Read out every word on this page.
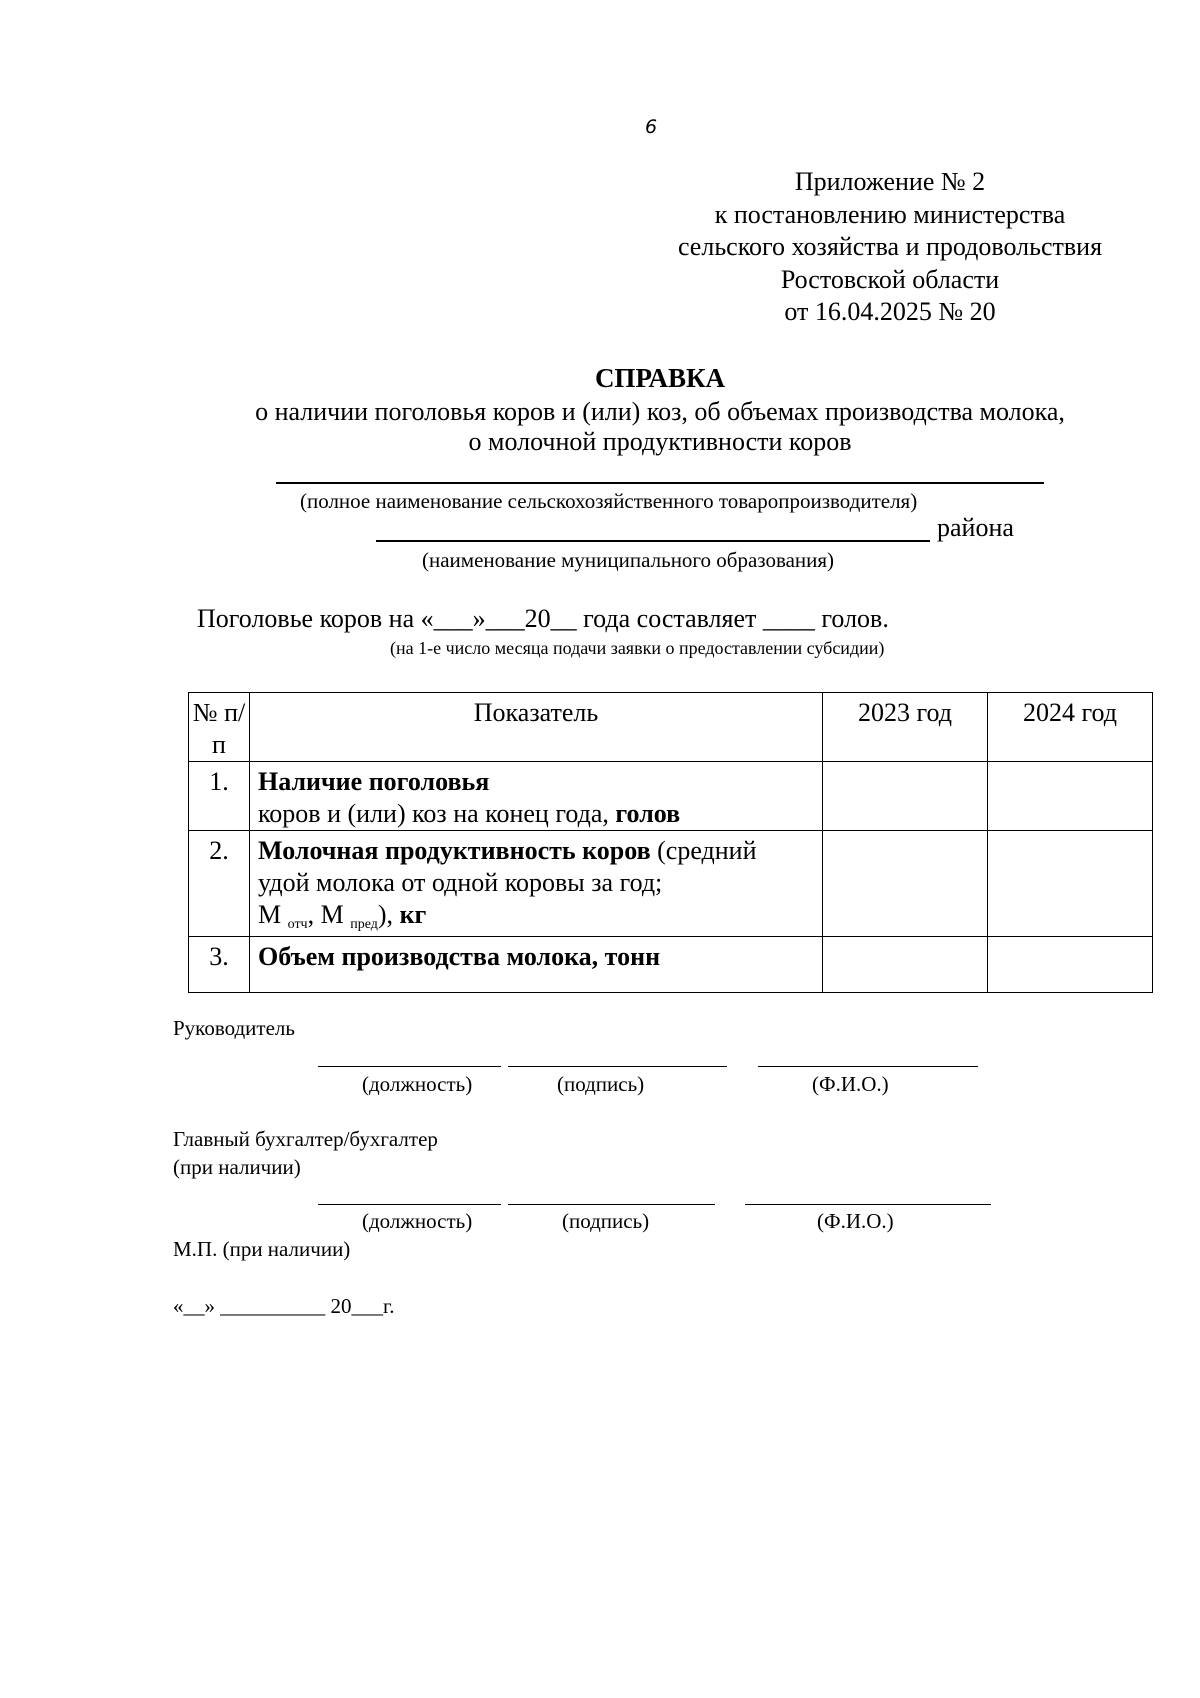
6
Приложение № 2
к постановлению министерства
сельского хозяйства и продовольствия
Ростовской области
от 16.04.2025 № 20
СПРАВКА
о наличии поголовья коров и (или) коз, об объемах производства молока,
о молочной продуктивности коров
(полное наименование сельскохозяйственного товаропроизводителя)
района
(наименование муниципального образования)
Поголовье коров на «___»___20__ года составляет ____ голов.
(на 1-е число месяца подачи заявки о предоставлении субсидии)
№ п/п	Показатель	2023 год	2024 год
1.	Наличие поголовья
коров и (или) коз на конец года, голов		
2.	Молочная продуктивность коров (средний
удой молока от одной коровы за год;
М отч, М пред), кг		
3.	Объем производства молока, тонн		
Руководитель
(должность)	(подпись)	(Ф.И.О.)
Главный бухгалтер/бухгалтер
(при наличии)
(должность)	(подпись)	(Ф.И.О.)
М.П. (при наличии)
«__» __________ 20___г.
